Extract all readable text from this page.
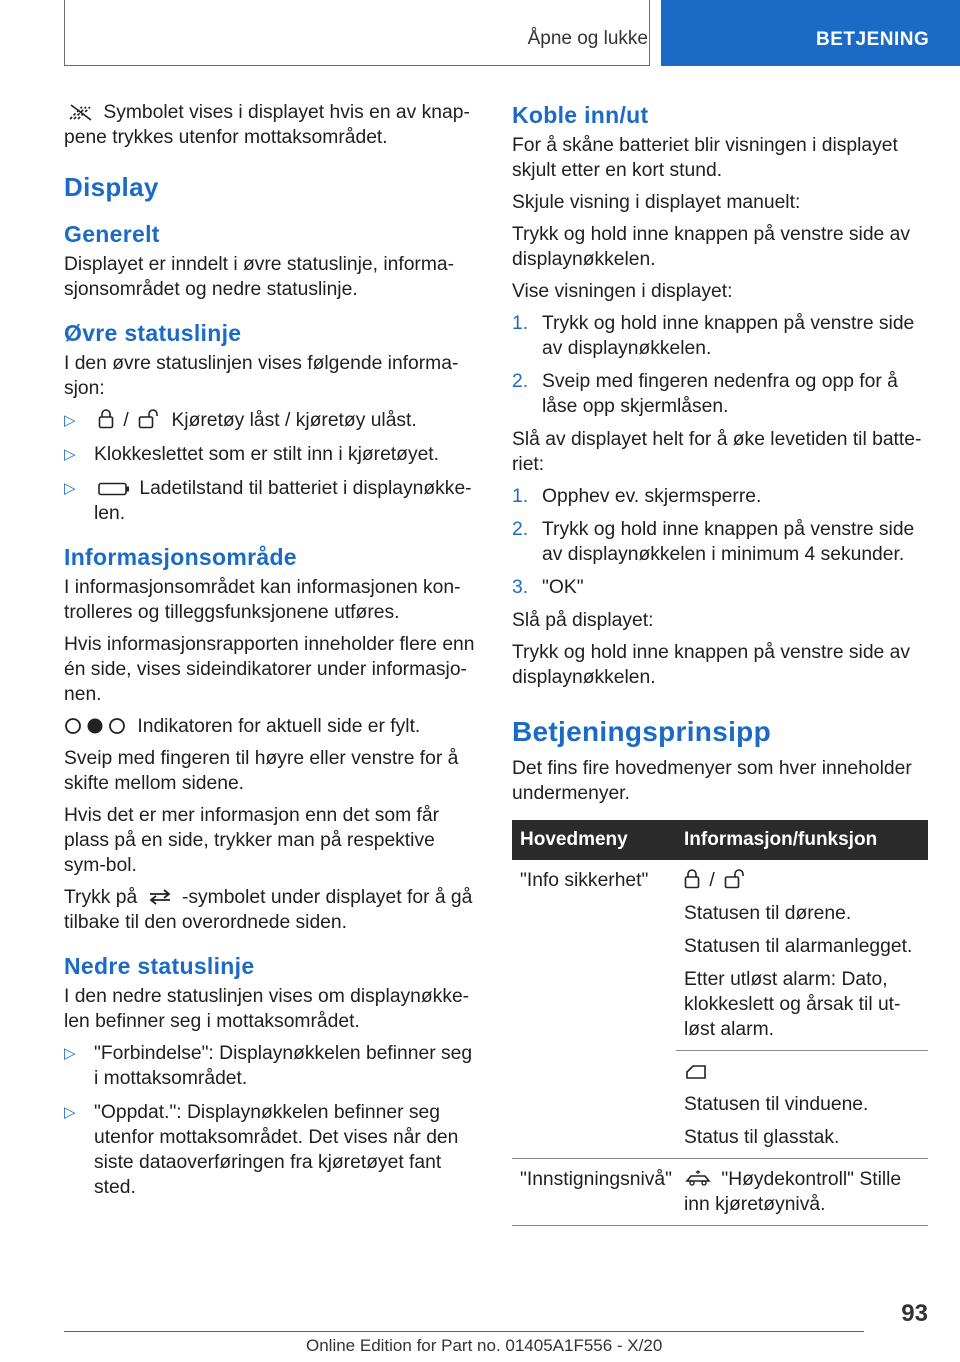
Åpne og lukke	BETJENING

Symbolet vises i displayet hvis en av knap-pene trykkes utenfor mottaksområdet.

Display
Generelt

Displayet er inndelt i øvre statuslinje, informa-sjonsområdet og nedre statuslinje.

Øvre statuslinje

I den øvre statuslinjen vises følgende informa-sjon:

▷ / Kjøretøy låst / kjøretøy ulåst.
▷ Klokkeslettet som er stilt inn i kjøretøyet.
▷	Ladetilstand til batteriet i displaynøkke-len.
Informasjonsområde

I informasjonsområdet kan informasjonen kon-trolleres og tilleggsfunksjonene utføres.

Hvis informasjonsrapporten inneholder flere enn én side, vises sideindikatorer under informasjo-nen.

Indikatoren for aktuell side er fylt.

Sveip med fingeren til høyre eller venstre for å skifte mellom sidene.

Hvis det er mer informasjon enn det som får plass på en side, trykker man på respektive sym-bol.

Trykk på -symbolet under displayet for å gå tilbake til den overordnede siden.

Nedre statuslinje

I den nedre statuslinjen vises om displaynøkke-len befinner seg i mottaksområdet.

▷ "Forbindelse": Displaynøkkelen befinner seg i mottaksområdet.
▷ "Oppdat.": Displaynøkkelen befinner seg utenfor mottaksområdet. Det vises når den siste dataoverføringen fra kjøretøyet fant sted.
Koble inn/ut

For å skåne batteriet blir visningen i displayet skjult etter en kort stund.

Skjule visning i displayet manuelt:

Trykk og hold inne knappen på venstre side av displaynøkkelen.

Vise visningen i displayet:

1. Trykk og hold inne knappen på venstre side av displaynøkkelen.
2. Sveip med fingeren nedenfra og opp for å låse opp skjermlåsen.

Slå av displayet helt for å øke levetiden til batte-riet:

1. Opphev ev. skjermsperre.
2. Trykk og hold inne knappen på venstre side av displaynøkkelen i minimum 4 sekunder.
3. "OK"

Slå på displayet:

Trykk og hold inne knappen på venstre side av displaynøkkelen.

Betjeningsprinsipp

Det fins fire hovedmenyer som hver inneholder undermenyer.

Hovedmeny	Informasjon/funksjon
"Info sikkerhet"	/

Statusen til dørene.

Statusen til alarmanlegget.

Etter utløst alarm: Dato, klokkeslett og årsak til ut-løst alarm.

	Statusen til vinduene.

Status til glasstak.

"Innstigningsnivå"	"Høydekontroll" Stille inn kjøretøynivå.
93
Online Edition for Part no. 01405A1F556 - X/20
